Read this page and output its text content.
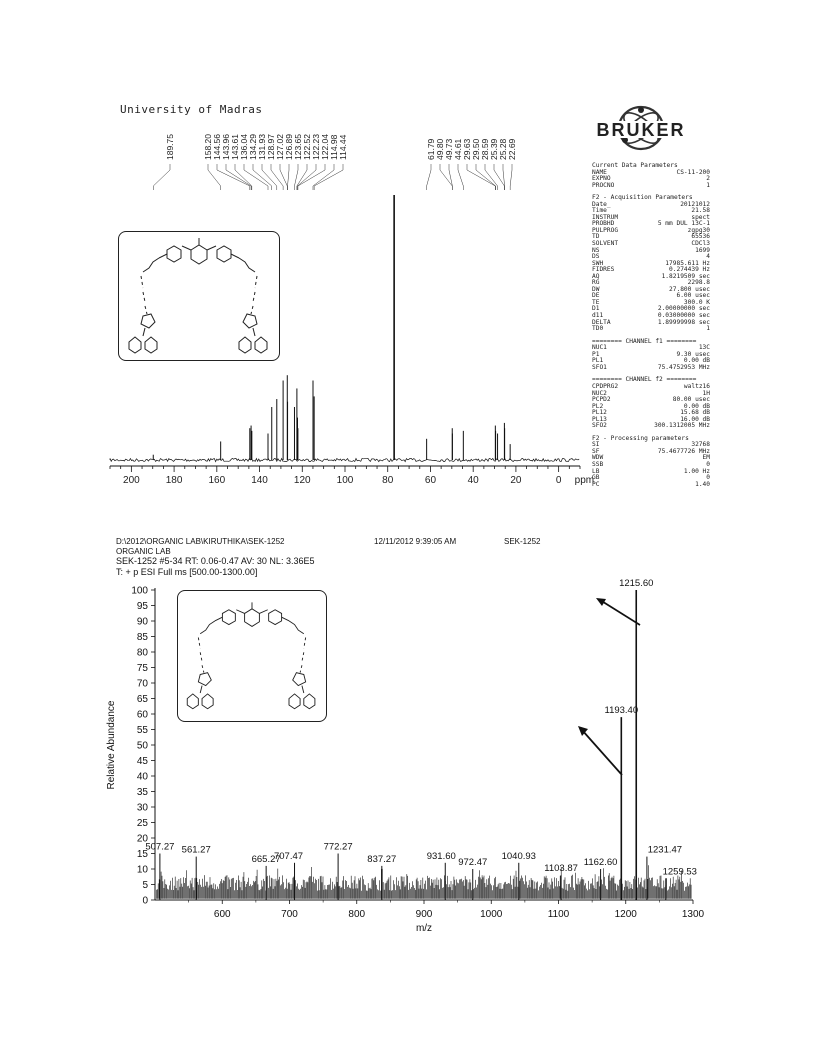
University of Madras
BRUKER
Current Data Parameters
NAME	CS-11-200
EXPNO	2
PROCNO	1
F2 - Acquisition Parameters
Date_	20121012
Time	21.58
INSTRUM	spect
PROBHD	5 mm DUL 13C-1
PULPROG	zgpg30
TD	65536
SOLVENT	CDCl3
NS	1699
DS	4
SWH	17985.611 Hz
FIDRES	0.274439 Hz
AQ	1.8219509 sec
RG	2298.8
DW	27.800 usec
DE	6.00 usec
TE	300.0 K
D1	2.00000000 sec
d11	0.03000000 sec
DELTA	1.89999998 sec
TD0	1
======== CHANNEL f1 ========
NUC1	13C
P1	9.30 usec
PL1	0.00 dB
SFO1	75.4752953 MHz
======== CHANNEL f2 ========
CPDPRG2	waltz16
NUC2	1H
PCPD2	80.00 usec
PL2	0.00 dB
PL12	15.68 dB
PL13	16.00 dB
SFO2	300.1312005 MHz
F2 - Processing parameters
SI	32768
SF	75.4677726 MHz
WDW	EM
SSB	0
LB	1.00 Hz
GB	0
PC	1.40
189.75	158.20 144.56 143.96 143.61 136.04 134.29 131.93 128.97 127.02 126.89 123.65 122.52 122.23 122.04 114.98 114.44	61.79 49.80 49.73 44.61 29.63 29.50 28.59 25.39 25.28 22.69
200	180	160	140	120	100	80	60	40	20	0 ppm
D:\2012\ORGANIC LAB\KIRUTHIKA\SEK-1252	12/11/2012 9:39:05 AM	SEK-1252
ORGANIC LAB
SEK-1252 #5-34 RT: 0.06-0.47 AV: 30 NL: 3.36E5
T: + p ESI Full ms [500.00-1300.00]
0
5
10
15
20
25
30
35
40
45
50
55
60
65
70
75
80
85
90
95
100
600	700	800	900	1000	1100	1200	1300
m/z
Relative Abundance
507.27 561.27
665.27
707.47
772.27
837.27	931.60
972.47
1040.93
1103.87
1162.60
1193.40
1215.60
1231.47
1259.53
